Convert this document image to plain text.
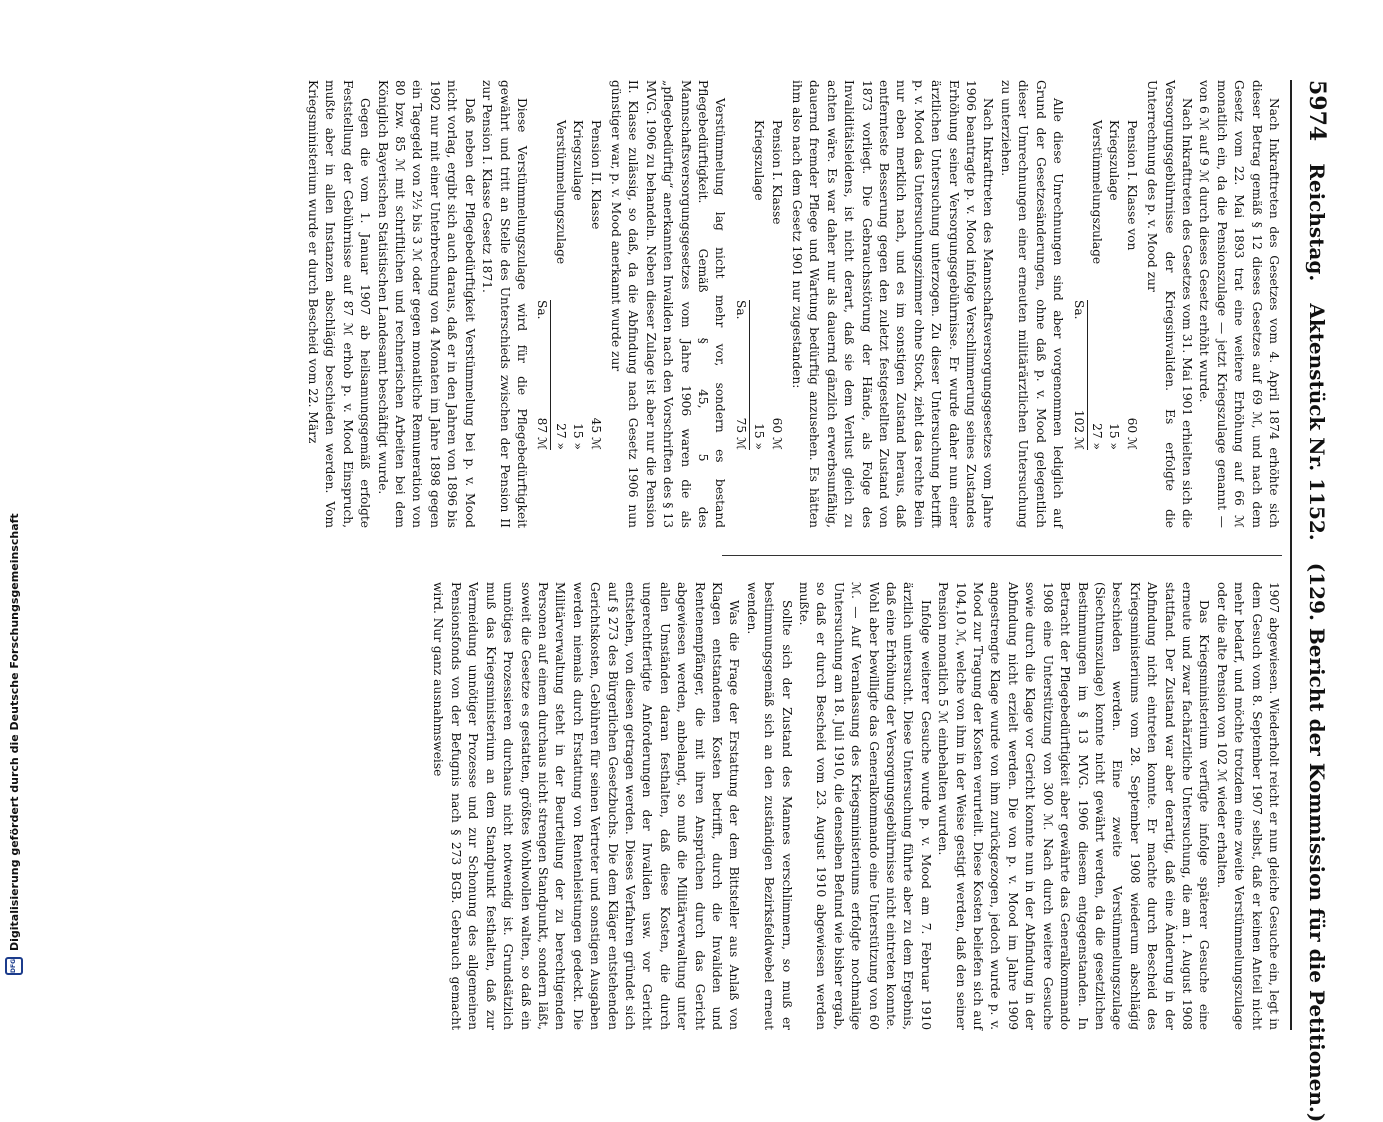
5974
Reichstag.
Aktenstück Nr. 1152.
(129. Bericht der Kommission für die Petitionen.)

Nach Inkrafttreten des Gesetzes vom 4. April 1874 erhöhte sich dieser Betrag gemäß § 12 dieses Gesetzes auf 69 ℳ, und nach dem Gesetz vom 22. Mai 1893 trat eine weitere Erhöhung auf 66 ℳ monatlich ein, da die Pensionszulage — jetzt Kriegszulage genannt — von 6 ℳ auf 9 ℳ durch dieses Gesetz erhöht wurde.

Nach Inkrafttreten des Gesetzes vom 31. Mai 1901 erhielten sich die Versorgungsgebührnisse der Kriegsinvaliden. Es erfolgte die Unterrechnung des p. v. Mood zur

Pension I. Klasse von
60 ℳ
Kriegszulage
15 »
Verstümmelungszulage
27 »
Sa.
102 ℳ

Alle diese Unrechnungen sind aber vorgenommen lediglich auf Grund der Gesetzesänderungen, ohne daß p. v. Mood gelegentlich dieser Umrechnungen einer erneuten militärärztlichen Untersuchung zu unterziehen.

Nach Inkrafttreten des Mannschaftsversorgungsgesetzes vom Jahre 1906 beantragte p. v. Mood infolge Verschlimmerung seines Zustandes Erhöhung seiner Versorgungsgebührnisse. Er wurde daher nun einer ärztlichen Untersuchung unterzogen. Zu dieser Untersuchung betrifft p. v. Mood das Untersuchungszimmer ohne Stock, zieht das rechte Bein nur eben merklich nach, und es im sonstigen Zustand heraus, daß entfernteste Besserung gegen den zuletzt festgestellten Zustand von 1873 vorliegt. Die Gebrauchsstörung der Hände, als Folge des Invaliditätsleidens, ist nicht derart, daß sie dem Verlust gleich zu achten wäre. Es war daher nur als dauernd gänzlich erwerbsunfähig, dauernd fremder Pflege und Wartung bedürftig anzusehen. Es hätten ihm also nach dem Gesetz 1901 nur zugestanden:

Pension I. Klasse
60 ℳ
Kriegszulage
15 »
Sa.
75 ℳ

Verstümmelung lag nicht mehr vor, sondern es bestand Pflegebedürftigkeit. Gemäß § 45, 5 des Mannschaftsversorgungsgesetzes vom Jahre 1906 waren die als „pflegebedürftig“ anerkannten Invaliden nach den Vorschriften des § 13 MVG. 1906 zu behandeln. Neben dieser Zulage ist aber nur die Pension II. Klasse zulässig, so daß, da die Abfindung nach Gesetz 1906 nun günstiger war, p. v. Mood anerkannt wurde zur

Pension II. Klasse
45 ℳ
Kriegszulage
15 »
Verstümmelungszulage
27 »
Sa.
87 ℳ

Diese Verstümmelungszulage wird für die Pflegebedürftigkeit gewährt und tritt an Stelle des Unterschieds zwischen der Pension II zur Pension I. Klasse Gesetz 1871.

Daß neben der Pflegebedürftigkeit Verstümmelung bei p. v. Mood nicht vorlag, ergibt sich auch daraus, daß er in den Jahren von 1896 bis 1902 nur mit einer Unterbrechung von 4 Monaten im Jahre 1898 gegen ein Tagegeld von 2½ bis 3 ℳ oder gegen monatliche Remuneration von 80 bzw. 85 ℳ mit schriftlichen und rechnerischen Arbeiten bei dem Königlich Bayerischen Statistischen Landesamt beschäftigt wurde.

Gegen die vom 1. Januar 1907 ab heilsamungsgemäß erfolgte Feststellung der Gebührnisse auf 87 ℳ erhob p. v. Mood Einspruch, mußte aber in allen Instanzen abschlägig beschieden werden. Vom Kriegsministerium wurde er durch Bescheid vom 22. März

1907 abgewiesen. Wiederholt reicht er nun gleiche Gesuche ein, legt in dem Gesuch vom 8. September 1907 selbst, daß er keinen Anteil nicht mehr bedarf, und möchte trotzdem eine zweite Verstümmelungszulage oder die alte Pension von 102 ℳ wieder erhalten.

Das Kriegsministerium verfügte infolge späterer Gesuche eine erneute und zwar fachärztliche Untersuchung, die am 1. August 1908 stattfand. Der Zustand war aber derartig, daß eine Änderung in der Abfindung nicht eintreten konnte. Er machte durch Bescheid des Kriegsministeriums vom 28. September 1908 wiederum abschlägig beschieden werden. Eine zweite Verstümmelungszulage (Siechtumszulage) konnte nicht gewährt werden, da die gesetzlichen Bestimmungen im § 13 MVG. 1906 diesem entgegenstanden. In Betracht der Pflegebedürftigkeit aber gewährte das Generalkommando 1908 eine Unterstützung von 300 ℳ. Nach durch weitere Gesuche sowie durch die Klage vor Gericht konnte nun in der Abfindung in der Abfindung nicht erzielt werden. Die von p. v. Mood im Jahre 1909 angestrengte Klage wurde von ihm zurückgezogen, jedoch wurde p. v. Mood zur Tragung der Kosten verurteilt. Diese Kosten beliefen sich auf 104,10 ℳ, welche von ihm in der Weise gestigt werden, daß den seiner Pension monatlich 5 ℳ einbehalten wurden.

Infolge weiterer Gesuche wurde p. v. Mood am 7. Februar 1910 ärztlich untersucht. Diese Untersuchung führte aber zu dem Ergebnis, daß eine Erhöhung der Versorgungsgebührnisse nicht eintreten konnte. Wohl aber bewilligte das Generalkommando eine Unterstützung von 60 ℳ. — Auf Veranlassung des Kriegsministeriums erfolgte nochmalige Untersuchung am 18. Juli 1910, die denselben Befund wie bisher ergab, so daß er durch Bescheid vom 23. August 1910 abgewiesen werden mußte.

Sollte sich der Zustand des Mannes verschlimmern, so muß er bestimmungsgemäß sich an den zuständigen Bezirksfeldwebel erneut wenden.

Was die Frage der Erstattung der dem Bittsteller aus Anlaß von Klagen entstandenen Kosten betrifft, durch die Invaliden und Rentenempfänger, die mit ihren Ansprüchen durch das Gericht abgewiesen werden, anbelangt, so muß die Militärverwaltung unter allen Umständen daran festhalten, daß diese Kosten, die durch ungerechtfertigte Anforderungen der Invaliden usw. vor Gericht entstehen, von diesen getragen werden. Dieses Verfahren gründet sich auf § 273 des Bürgerlichen Gesetzbuchs. Die dem Kläger entstehenden Gerichtskosten, Gebühren für seinen Vertreter und sonstigen Ausgaben werden niemals durch Erstattung von Rentenleistungen gedeckt. Die Militärverwaltung steht in der Beurteilung der zu berechtigenden Personen auf einem durchaus nicht strengen Standpunkt, sondern läßt, soweit die Gesetze es gestatten, größtes Wohlwollen walten, so daß ein unnötiges Prozessieren durchaus nicht notwendig ist. Grundsätzlich muß das Kriegsministerium an dem Standpunkt festhalten, daß zur Vermeidung unnötiger Prozesse und zur Schonung des allgemeinen Pensionsfonds von der Befugnis nach § 273 BGB. Gebrauch gemacht wird. Nur ganz ausnahmsweise

DFG
Digitalisierung gefördert durch die Deutsche Forschungsgemeinschaft
